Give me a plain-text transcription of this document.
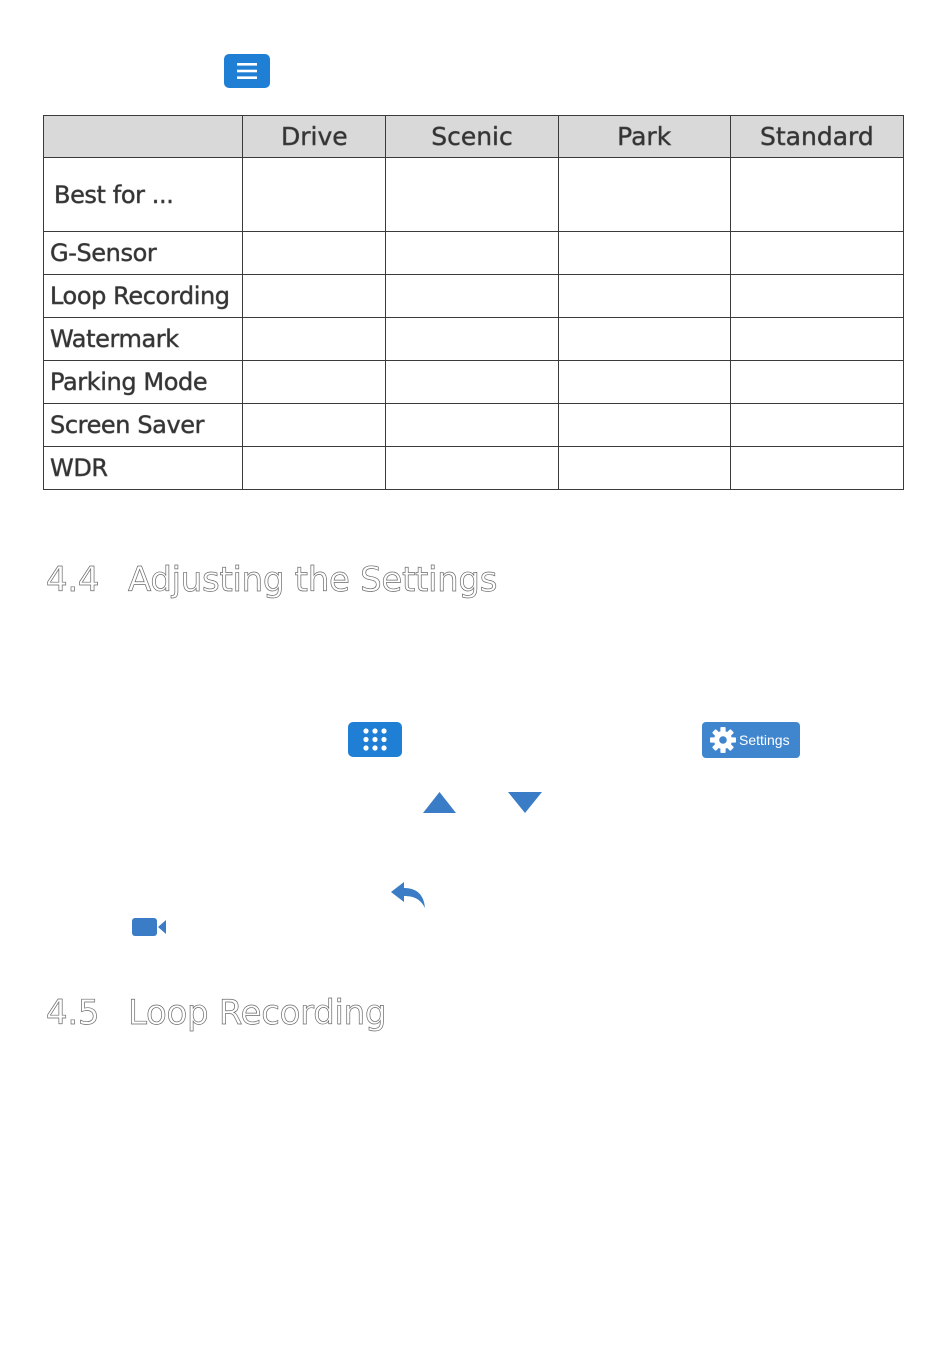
	Drive	Scenic	Park	Standard
Best for ...				
G-Sensor				
Loop Recording				
Watermark				
Parking Mode				
Screen Saver				
WDR				
4.4 Adjusting the Settings
Settings
4.5 Loop Recording
